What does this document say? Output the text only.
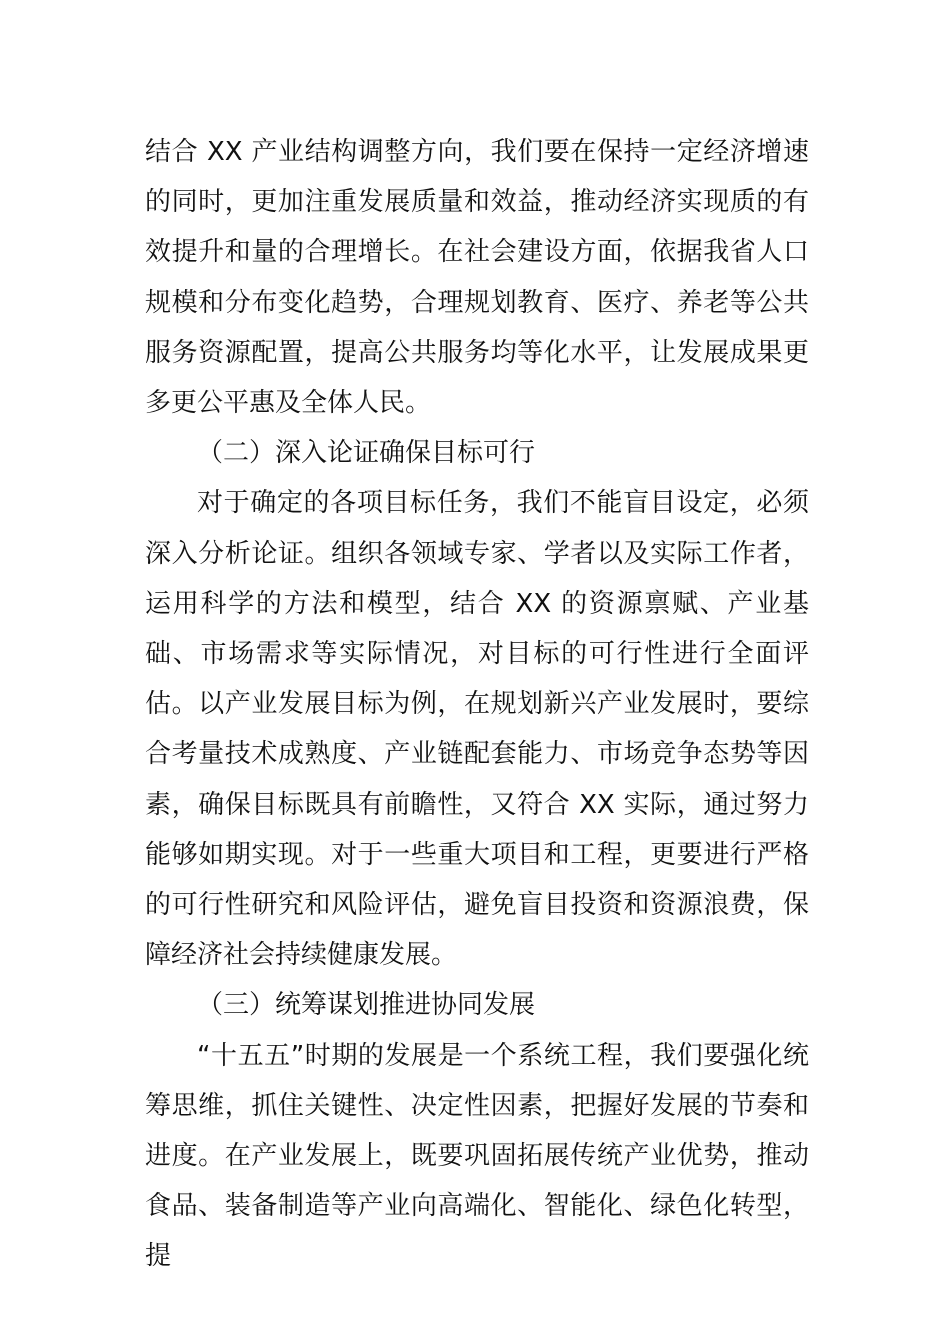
结合 XX 产业结构调整方向，我们要在保持一定经济增速的同时，更加注重发展质量和效益，推动经济实现质的有效提升和量的合理增长。在社会建设方面，依据我省人口规模和分布变化趋势，合理规划教育、医疗、养老等公共服务资源配置，提高公共服务均等化水平，让发展成果更多更公平惠及全体人民。

（二）深入论证确保目标可行

对于确定的各项目标任务，我们不能盲目设定，必须深入分析论证。组织各领域专家、学者以及实际工作者，运用科学的方法和模型，结合 XX 的资源禀赋、产业基础、市场需求等实际情况，对目标的可行性进行全面评估。以产业发展目标为例，在规划新兴产业发展时，要综合考量技术成熟度、产业链配套能力、市场竞争态势等因素，确保目标既具有前瞻性，又符合 XX 实际，通过努力能够如期实现。对于一些重大项目和工程，更要进行严格的可行性研究和风险评估，避免盲目投资和资源浪费，保障经济社会持续健康发展。

（三）统筹谋划推进协同发展

“十五五”时期的发展是一个系统工程，我们要强化统筹思维，抓住关键性、决定性因素，把握好发展的节奏和进度。在产业发展上，既要巩固拓展传统产业优势，推动食品、装备制造等产业向高端化、智能化、绿色化转型，提
